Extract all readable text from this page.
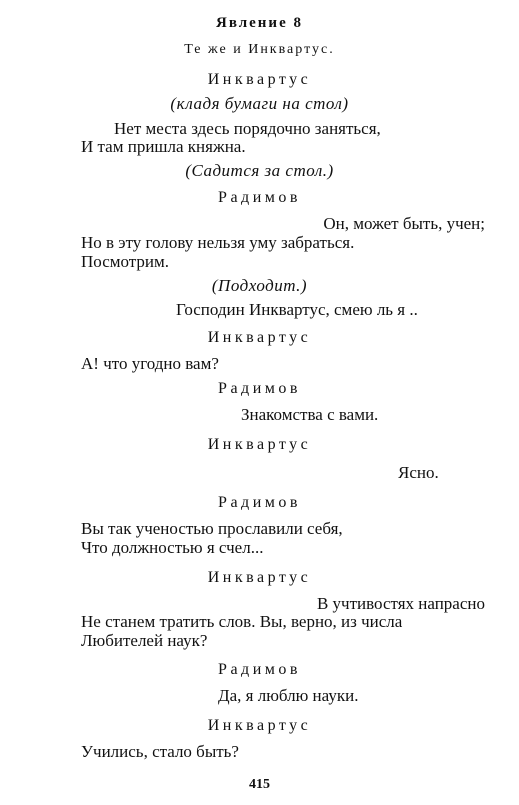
Явление 8
Те же и Инквартус.
Инквартус
(кладя бумаги на стол)
Нет места здесь порядочно заняться,
И там пришла княжна.
(Садится за стол.)
Радимов
Он, может быть, учен;
Но в эту голову нельзя уму забраться.
Посмотрим.
(Подходит.)
Господин Инквартус, смею ль я ..
Инквартус
А! что угодно вам?
Радимов
Знакомства с вами.
Инквартус
Ясно.
Радимов
Вы так ученостью прославили себя,
Что должностью я счел...
Инквартус
В учтивостях напрасно
Не станем тратить слов. Вы, верно, из числа
Любителей наук?
Радимов
Да, я люблю науки.
Инквартус
Учились, стало быть?
415
